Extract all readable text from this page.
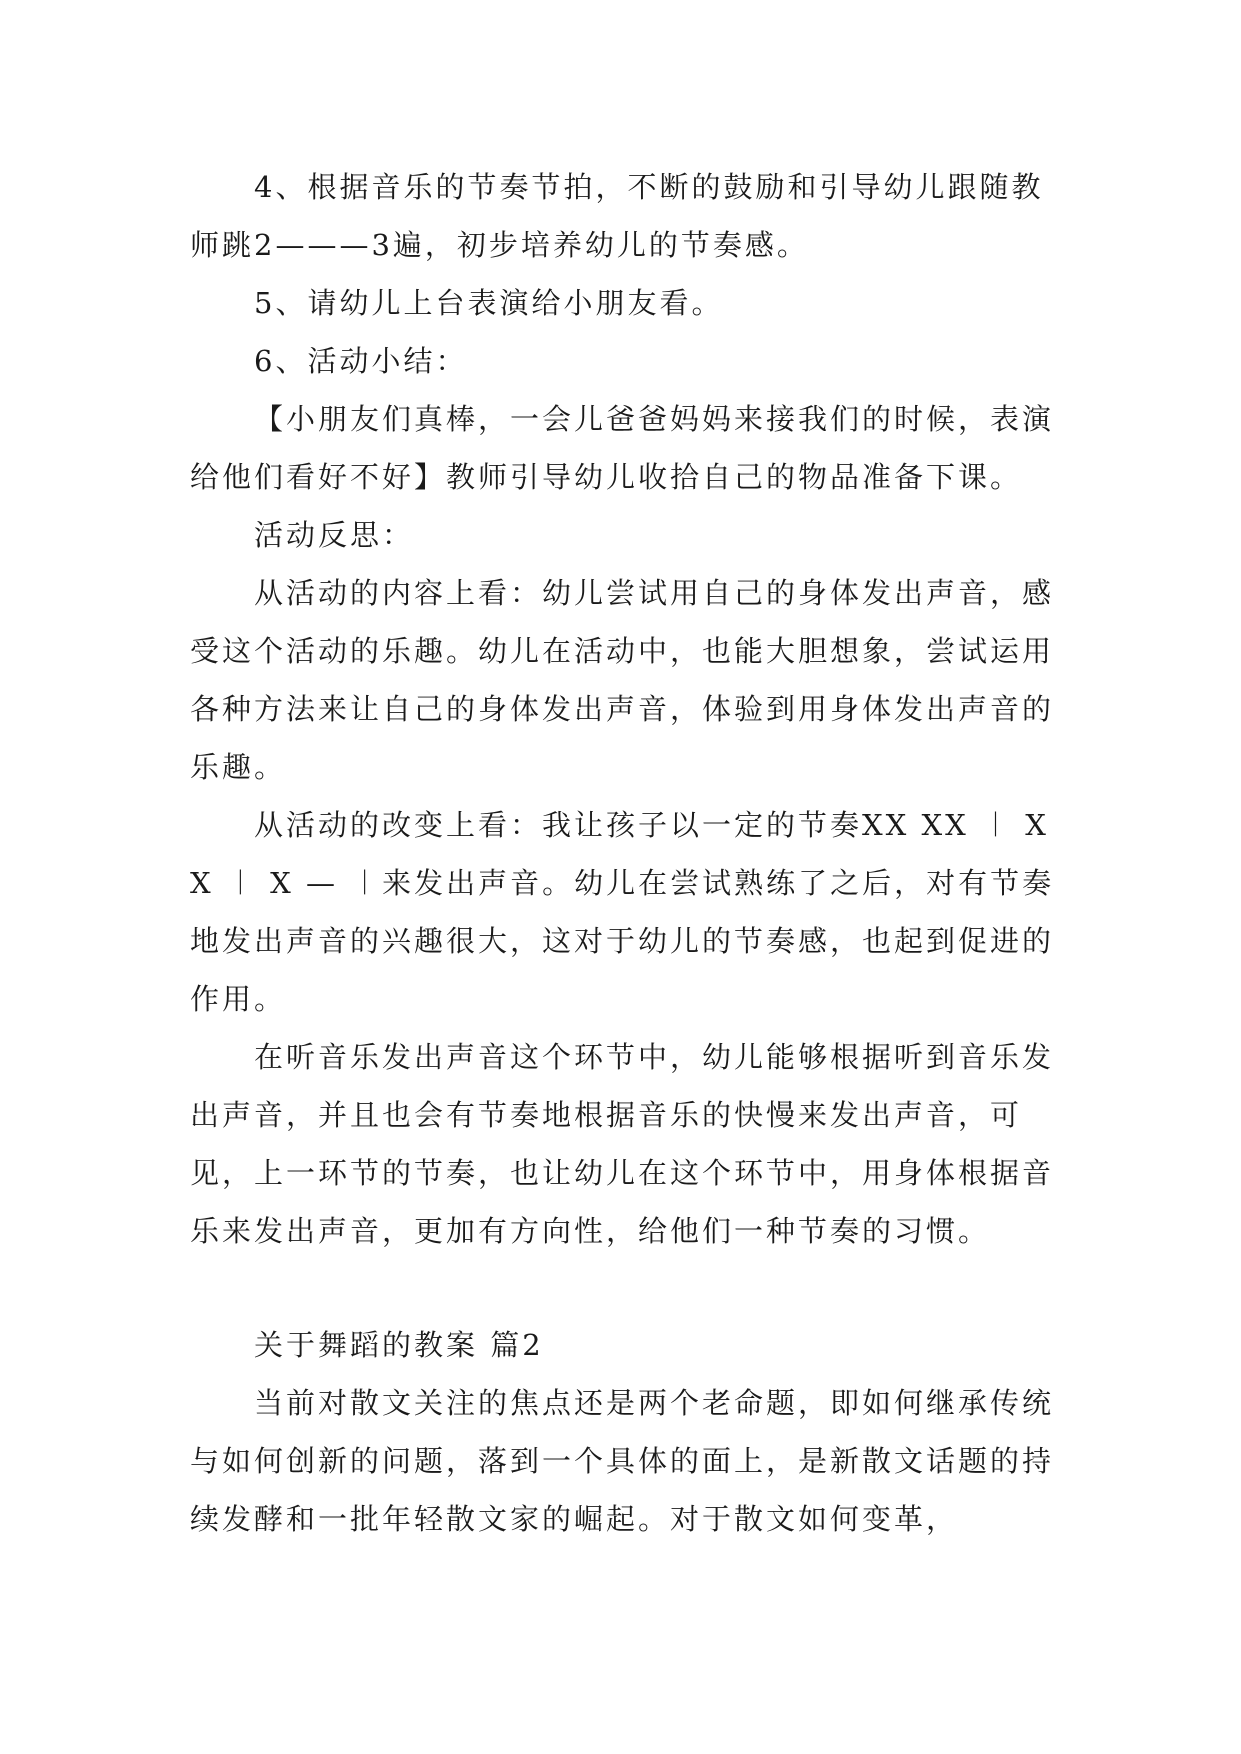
4、根据音乐的节奏节拍，不断的鼓励和引导幼儿跟随教师跳2———3遍，初步培养幼儿的节奏感。

5、请幼儿上台表演给小朋友看。

6、活动小结：

【小朋友们真棒，一会儿爸爸妈妈来接我们的时候，表演给他们看好不好】教师引导幼儿收拾自己的物品准备下课。

活动反思：

从活动的内容上看：幼儿尝试用自己的身体发出声音，感受这个活动的乐趣。幼儿在活动中，也能大胆想象，尝试运用各种方法来让自己的身体发出声音，体验到用身体发出声音的乐趣。

从活动的改变上看：我让孩子以一定的节奏XX XX ︱ X X ︱ X — ︱来发出声音。幼儿在尝试熟练了之后，对有节奏地发出声音的兴趣很大，这对于幼儿的节奏感，也起到促进的作用。

在听音乐发出声音这个环节中，幼儿能够根据听到音乐发出声音，并且也会有节奏地根据音乐的快慢来发出声音，可见，上一环节的节奏，也让幼儿在这个环节中，用身体根据音乐来发出声音，更加有方向性，给他们一种节奏的习惯。

关于舞蹈的教案 篇2

当前对散文关注的焦点还是两个老命题，即如何继承传统与如何创新的问题，落到一个具体的面上，是新散文话题的持续发酵和一批年轻散文家的崛起。对于散文如何变革，
